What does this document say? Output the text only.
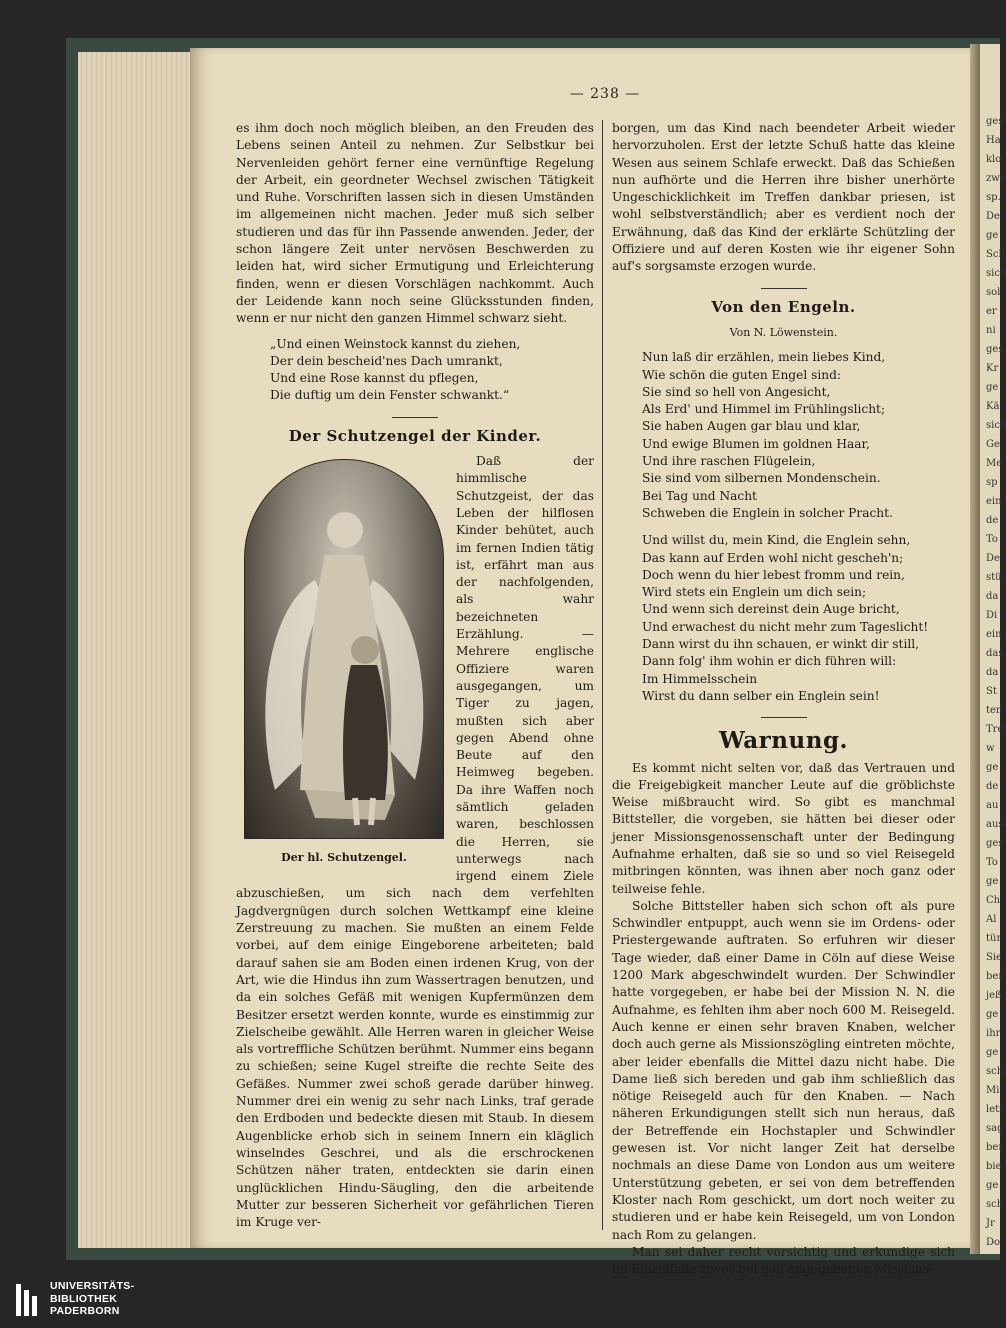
ges
Ha
klo
zwe
sp.
De
ge
Sch
sich
sol
er
ni
ges
Kr
ge
Kä
sich
Ge
Me
sp
ein
de
To
De
stü
da
Di
ein
das
da
St
ten
Tre
w
ge
de
au
aus
ges
To
ge
Ch
Al
tür
Sie
ber
jeß
ge
ihr
ge
sch
Mi
letz
sag
ber
bie
ge
sch
Jr
Do
— 238 —

es ihm doch noch möglich bleiben, an den Freuden des Lebens seinen Anteil zu nehmen. Zur Selbstkur bei Nervenleiden gehört ferner eine vernünftige Regelung der Arbeit, ein geordneter Wechsel zwischen Tätigkeit und Ruhe. Vorschriften lassen sich in diesen Umständen im allgemeinen nicht machen. Jeder muß sich selber studieren und das für ihn Passende anwenden. Jeder, der schon längere Zeit unter nervösen Beschwerden zu leiden hat, wird sicher Ermutigung und Erleichterung finden, wenn er diesen Vorschlägen nachkommt. Auch der Leidende kann noch seine Glücksstunden finden, wenn er nur nicht den ganzen Himmel schwarz sieht.

„Und einen Weinstock kannst du ziehen,
Der dein bescheid'nes Dach umrankt,
Und eine Rose kannst du pflegen,
Die duftig um dein Fenster schwankt.“
Der Schutzengel der Kinder.
Der hl. Schutzengel.

Daß der himmlische Schutzgeist, der das Leben der hilflosen Kinder behütet, auch im fernen Indien tätig ist, erfährt man aus der nachfolgenden, als wahr bezeichneten Erzählung. — Mehrere englische Offiziere waren ausgegangen, um Tiger zu jagen, mußten sich aber gegen Abend ohne Beute auf den Heimweg begeben. Da ihre Waffen noch sämtlich geladen waren, beschlossen die Herren, sie unterwegs nach irgend einem Ziele abzuschießen, um sich nach dem verfehlten Jagdvergnügen durch solchen Wettkampf eine kleine Zerstreuung zu machen. Sie mußten an einem Felde vorbei, auf dem einige Eingeborene arbeiteten; bald darauf sahen sie am Boden einen irdenen Krug, von der Art, wie die Hindus ihn zum Wassertragen benutzen, und da ein solches Gefäß mit wenigen Kupfermünzen dem Besitzer ersetzt werden konnte, wurde es einstimmig zur Zielscheibe gewählt. Alle Herren waren in gleicher Weise als vortreffliche Schützen berühmt. Nummer eins begann zu schießen; seine Kugel streifte die rechte Seite des Gefäßes. Nummer zwei schoß gerade darüber hinweg. Nummer drei ein wenig zu sehr nach Links, traf gerade den Erdboden und bedeckte diesen mit Staub. In diesem Augenblicke erhob sich in seinem Innern ein kläglich winselndes Geschrei, und als die erschrockenen Schützen näher traten, entdeckten sie darin einen unglücklichen Hindu-Säugling, den die arbeitende Mutter zur besseren Sicherheit vor gefährlichen Tieren im Kruge ver-

borgen, um das Kind nach beendeter Arbeit wieder hervorzuholen. Erst der letzte Schuß hatte das kleine Wesen aus seinem Schlafe erweckt. Daß das Schießen nun aufhörte und die Herren ihre bisher unerhörte Ungeschicklichkeit im Treffen dankbar priesen, ist wohl selbstverständlich; aber es verdient noch der Erwähnung, daß das Kind der erklärte Schützling der Offiziere und auf deren Kosten wie ihr eigener Sohn auf's sorgsamste erzogen wurde.

Von den Engeln.
Von N. Löwenstein.
Nun laß dir erzählen, mein liebes Kind,
Wie schön die guten Engel sind:
Sie sind so hell von Angesicht,
Als Erd' und Himmel im Frühlingslicht;
Sie haben Augen gar blau und klar,
Und ewige Blumen im goldnen Haar,
Und ihre raschen Flügelein,
Sie sind vom silbernen Mondenschein.
Bei Tag und Nacht
Schweben die Englein in solcher Pracht.
Und willst du, mein Kind, die Englein sehn,
Das kann auf Erden wohl nicht gescheh'n;
Doch wenn du hier lebest fromm und rein,
Wird stets ein Englein um dich sein;
Und wenn sich dereinst dein Auge bricht,
Und erwachest du nicht mehr zum Tageslicht!
Dann wirst du ihn schauen, er winkt dir still,
Dann folg' ihm wohin er dich führen will:
Im Himmelsschein
Wirst du dann selber ein Englein sein!
Warnung.

Es kommt nicht selten vor, daß das Vertrauen und die Freigebigkeit mancher Leute auf die gröblichste Weise mißbraucht wird. So gibt es manchmal Bittsteller, die vorgeben, sie hätten bei dieser oder jener Missionsgenossenschaft unter der Bedingung Aufnahme erhalten, daß sie so und so viel Reisegeld mitbringen könnten, was ihnen aber noch ganz oder teilweise fehle.

Solche Bittsteller haben sich schon oft als pure Schwindler entpuppt, auch wenn sie im Ordens- oder Priestergewande auftraten. So erfuhren wir dieser Tage wieder, daß einer Dame in Cöln auf diese Weise 1200 Mark abgeschwindelt wurden. Der Schwindler hatte vorgegeben, er habe bei der Mission N. N. die Aufnahme, es fehlten ihm aber noch 600 M. Reisegeld. Auch kenne er einen sehr braven Knaben, welcher doch auch gerne als Missionszögling eintreten möchte, aber leider ebenfalls die Mittel dazu nicht habe. Die Dame ließ sich bereden und gab ihm schließlich das nötige Reisegeld auch für den Knaben. — Nach näheren Erkundigungen stellt sich nun heraus, daß der Betreffende ein Hochstapler und Schwindler gewesen ist. Vor nicht langer Zeit hat derselbe nochmals an diese Dame von London aus um weitere Unterstützung gebeten, er sei von dem betreffenden Kloster nach Rom geschickt, um dort noch weiter zu studieren und er habe kein Reisegeld, um von London nach Rom zu gelangen.

Man sei daher recht vorsichtig und erkundige sich im Einzelfalle zuvor bei den angegebenen Missions-

UNIVERSITÄTS-
BIBLIOTHEK
PADERBORN
